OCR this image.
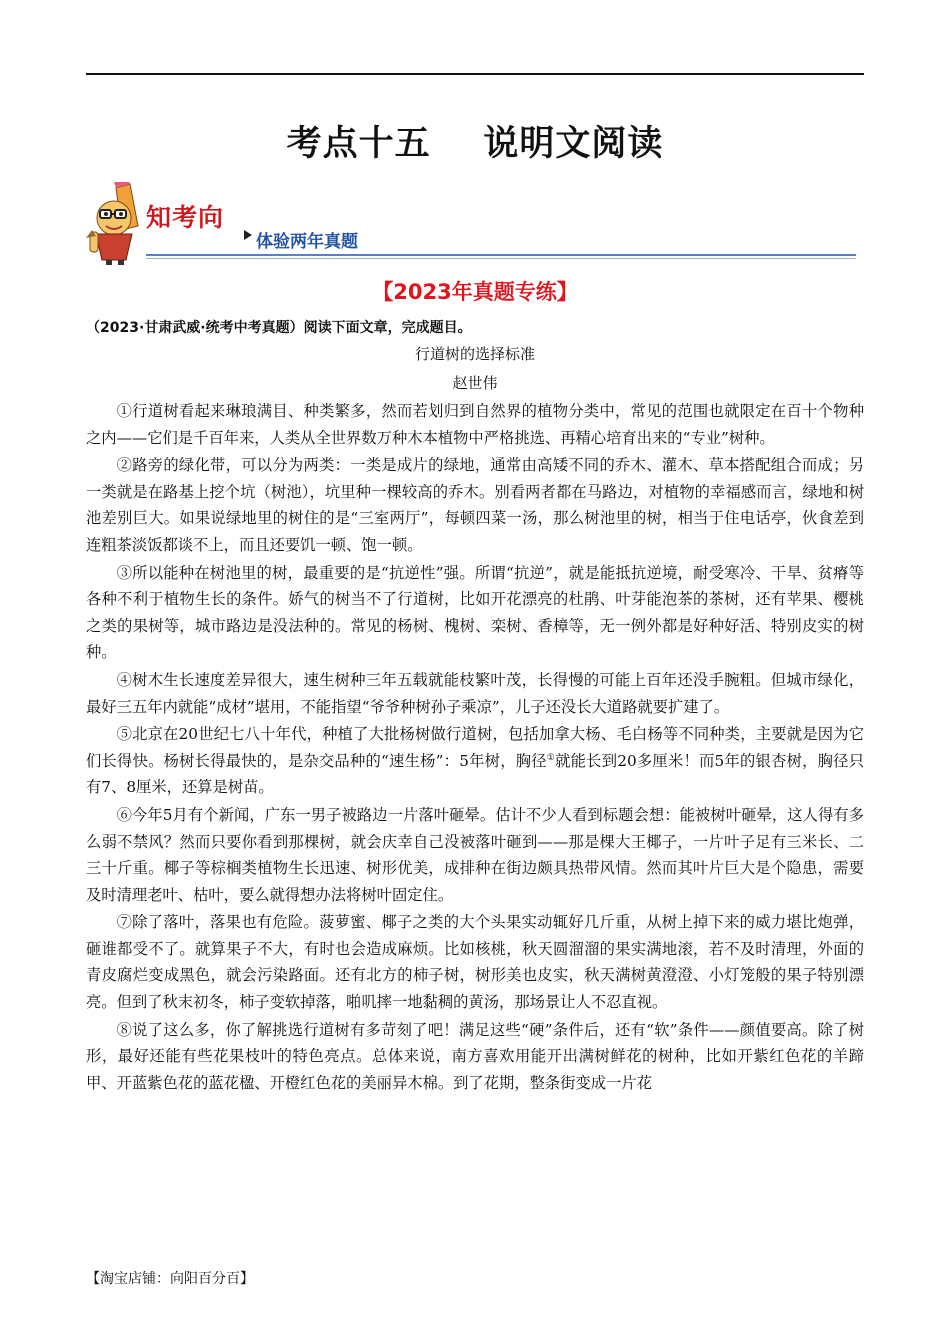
考点十五    说明文阅读
知考向
体验两年真题
【2023年真题专练】
（2023·甘肃武威·统考中考真题）阅读下面文章，完成题目。
行道树的选择标准
赵世伟

①行道树看起来琳琅满目、种类繁多，然而若划归到自然界的植物分类中，常见的范围也就限定在百十个物种之内——它们是千百年来，人类从全世界数万种木本植物中严格挑选、再精心培育出来的“专业”树种。

②路旁的绿化带，可以分为两类：一类是成片的绿地，通常由高矮不同的乔木、灌木、草本搭配组合而成；另一类就是在路基上挖个坑（树池），坑里种一棵较高的乔木。别看两者都在马路边，对植物的幸福感而言，绿地和树池差别巨大。如果说绿地里的树住的是“三室两厅”，每顿四菜一汤，那么树池里的树，相当于住电话亭，伙食差到连粗茶淡饭都谈不上，而且还要饥一顿、饱一顿。

③所以能种在树池里的树，最重要的是“抗逆性”强。所谓“抗逆”，就是能抵抗逆境，耐受寒冷、干旱、贫瘠等各种不利于植物生长的条件。娇气的树当不了行道树，比如开花漂亮的杜鹃、叶芽能泡茶的茶树，还有苹果、樱桃之类的果树等，城市路边是没法种的。常见的杨树、槐树、栾树、香樟等，无一例外都是好种好活、特别皮实的树种。

④树木生长速度差异很大，速生树种三年五载就能枝繁叶茂，长得慢的可能上百年还没手腕粗。但城市绿化，最好三五年内就能“成材”堪用，不能指望“爷爷种树孙子乘凉”，儿子还没长大道路就要扩建了。

⑤北京在20世纪七八十年代，种植了大批杨树做行道树，包括加拿大杨、毛白杨等不同种类，主要就是因为它们长得快。杨树长得最快的，是杂交品种的“速生杨”：5年树，胸径①就能长到20多厘米！而5年的银杏树，胸径只有7、8厘米，还算是树苗。

⑥今年5月有个新闻，广东一男子被路边一片落叶砸晕。估计不少人看到标题会想：能被树叶砸晕，这人得有多么弱不禁风？然而只要你看到那棵树，就会庆幸自己没被落叶砸到——那是棵大王椰子，一片叶子足有三米长、二三十斤重。椰子等棕榈类植物生长迅速、树形优美，成排种在街边颇具热带风情。然而其叶片巨大是个隐患，需要及时清理老叶、枯叶，要么就得想办法将树叶固定住。

⑦除了落叶，落果也有危险。菠萝蜜、椰子之类的大个头果实动辄好几斤重，从树上掉下来的威力堪比炮弹，砸谁都受不了。就算果子不大，有时也会造成麻烦。比如核桃，秋天圆溜溜的果实满地滚，若不及时清理，外面的青皮腐烂变成黑色，就会污染路面。还有北方的柿子树，树形美也皮实，秋天满树黄澄澄、小灯笼般的果子特别漂亮。但到了秋末初冬，柿子变软掉落，啪叽摔一地黏稠的黄汤，那场景让人不忍直视。

⑧说了这么多，你了解挑选行道树有多苛刻了吧！满足这些“硬”条件后，还有“软”条件——颜值要高。除了树形，最好还能有些花果枝叶的特色亮点。总体来说，南方喜欢用能开出满树鲜花的树种，比如开紫红色花的羊蹄甲、开蓝紫色花的蓝花楹、开橙红色花的美丽异木棉。到了花期，整条街变成一片花

【淘宝店铺：向阳百分百】
